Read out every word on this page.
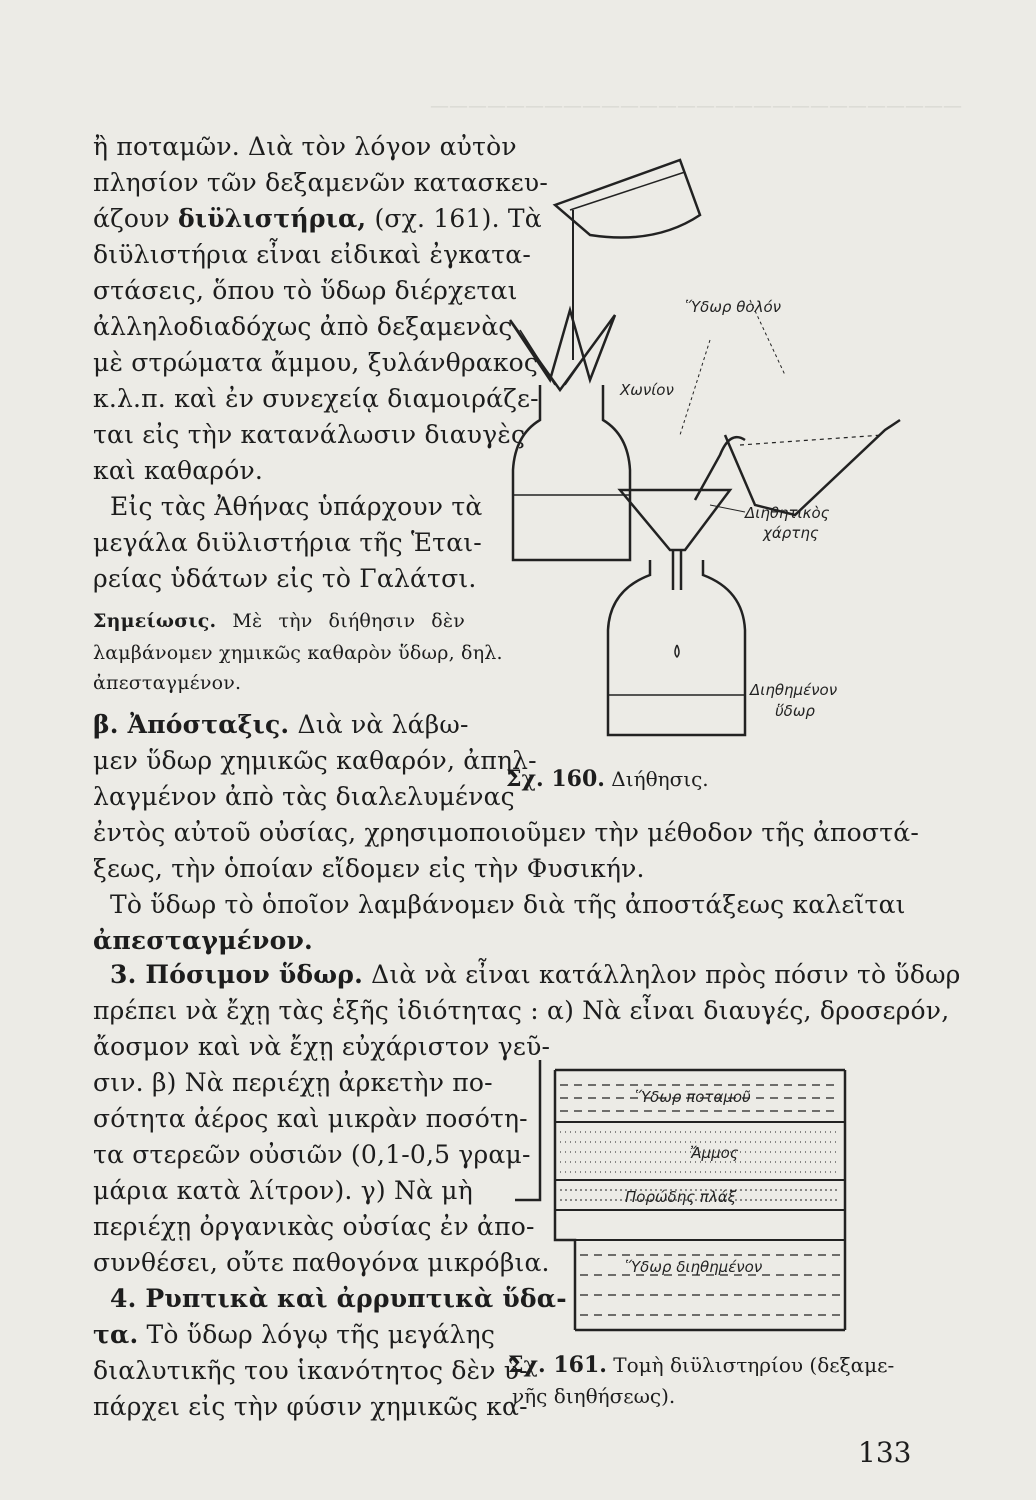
————————————————————————————
ἢ ποταμῶν. Διὰ τὸν λόγον αὐτὸν
πλησίον τῶν δεξαμενῶν κατασκευ-
άζουν διϋλιστήρια, (σχ. 161). Τὰ
διϋλιστήρια εἶναι εἰδικαὶ ἐγκατα-
στάσεις, ὅπου τὸ ὕδωρ διέρχεται
ἀλληλοδιαδόχως ἀπὸ δεξαμενὰς
μὲ στρώματα ἄμμου, ξυλάνθρακος
κ.λ.π. καὶ ἐν συνεχείᾳ διαμοιράζε-
ται εἰς τὴν κατανάλωσιν διαυγὲς
καὶ καθαρόν.
Εἰς τὰς Ἀθήνας ὑπάρχουν τὰ
μεγάλα διϋλιστήρια τῆς Ἑται-
ρείας ὑδάτων εἰς τὸ Γαλάτσι.
Σημείωσις. Μὲ τὴν διήθησιν δὲν
λαμβάνομεν χημικῶς καθαρὸν ὕδωρ, δηλ.
ἀπεσταγμένον.
β. Ἀπόσταξις. Διὰ νὰ λάβω-
μεν ὕδωρ χημικῶς καθαρόν, ἀπηλ-
λαγμένον ἀπὸ τὰς διαλελυμένας
ἐντὸς αὐτοῦ οὐσίας, χρησιμοποιοῦμεν τὴν μέθοδον τῆς ἀποστά-
ξεως, τὴν ὁποίαν εἴδομεν εἰς τὴν Φυσικήν.
Τὸ ὕδωρ τὸ ὁποῖον λαμβάνομεν διὰ τῆς ἀποστάξεως καλεῖται
ἀπεσταγμένον.
3. Πόσιμον ὕδωρ. Διὰ νὰ εἶναι κατάλληλον πρὸς πόσιν τὸ ὕδωρ
πρέπει νὰ ἔχῃ τὰς ἑξῆς ἰδιότητας : α) Νὰ εἶναι διαυγές, δροσερόν,
ἄοσμον καὶ νὰ ἔχῃ εὐχάριστον γεῦ-
σιν. β) Νὰ περιέχῃ ἀρκετὴν πο-
σότητα ἀέρος καὶ μικρὰν ποσότη-
τα στερεῶν οὐσιῶν (0,1-0,5 γραμ-
μάρια κατὰ λίτρον). γ) Νὰ μὴ
περιέχῃ ὀργανικὰς οὐσίας ἐν ἀπο-
συνθέσει, οὔτε παθογόνα μικρόβια.
4. Ρυπτικὰ καὶ ἀρρυπτικὰ ὕδα-
τα. Τὸ ὕδωρ λόγῳ τῆς μεγάλης
διαλυτικῆς του ἱκανότητος δὲν ὑ-
πάρχει εἰς τὴν φύσιν χημικῶς κα-
Ὕδωρ θολόν
Χωνίον
Διηθητικὸς
χάρτης
Διηθημένον
ὕδωρ
Σχ. 160. Διήθησις.
Ὕδωρ ποταμοῦ
Ἄμμος
Πορώδης πλάξ
Ὕδωρ διηθημένον
Σχ. 161. Τομὴ διϋλιστηρίου (δεξαμε-
νῆς διηθήσεως).
133
